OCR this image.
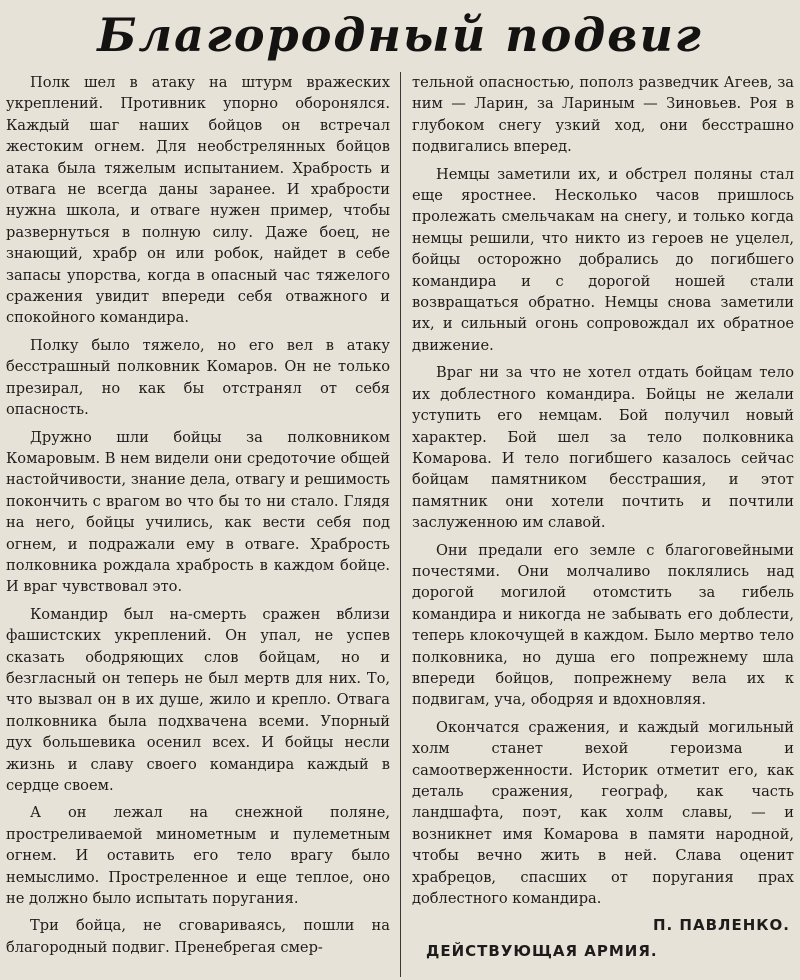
Благородный подвиг

Полк шел в атаку на штурм вражеских укреплений. Противник упорно оборонялся. Каждый шаг наших бойцов он встречал жестоким огнем. Для необстрелянных бойцов атака была тяжелым испытанием. Храбрость и отвага не всегда даны заранее. И храбрости нужна школа, и отваге нужен пример, чтобы развернуться в полную силу. Даже боец, не знающий, храбр он или робок, найдет в себе запасы упорства, когда в опасный час тяжелого сражения увидит впереди себя отважного и спокойного командира.

Полку было тяжело, но его вел в атаку бесстрашный полковник Комаров. Он не только презирал, но как бы отстранял от себя опасность.

Дружно шли бойцы за полковником Комаровым. В нем видели они средоточие общей настойчивости, знание дела, отвагу и решимость покончить с врагом во что бы то ни стало. Глядя на него, бойцы учились, как вести себя под огнем, и подражали ему в отваге. Храбрость полковника рождала храбрость в каждом бойце. И враг чувствовал это.

Командир был на-смерть сражен вблизи фашистских укреплений. Он упал, не успев сказать ободряющих слов бойцам, но и безгласный он теперь не был мертв для них. То, что вызвал он в их душе, жило и крепло. Отвага полковника была подхвачена всеми. Упорный дух большевика осенил всех. И бойцы несли жизнь и славу своего командира каждый в сердце своем.

А он лежал на снежной поляне, простреливаемой минометным и пулеметным огнем. И оставить его тело врагу было немыслимо. Простреленное и еще теплое, оно не должно было испытать поругания.

Три бойца, не сговариваясь, пошли на благородный подвиг. Пренебрегая смер-

тельной опасностью, пополз разведчик Агеев, за ним — Ларин, за Лариным — Зиновьев. Роя в глубоком снегу узкий ход, они бесстрашно подвигались вперед.

Немцы заметили их, и обстрел поляны стал еще яростнее. Несколько часов пришлось пролежать смельчакам на снегу, и только когда немцы решили, что никто из героев не уцелел, бойцы осторожно добрались до погибшего командира и с дорогой ношей стали возвращаться обратно. Немцы снова заметили их, и сильный огонь сопровождал их обратное движение.

Враг ни за что не хотел отдать бойцам тело их доблестного командира. Бойцы не желали уступить его немцам. Бой получил новый характер. Бой шел за тело полковника Комарова. И тело погибшего казалось сейчас бойцам памятником бесстрашия, и этот памятник они хотели почтить и почтили заслуженною им славой.

Они предали его земле с благоговейными почестями. Они молчаливо поклялись над дорогой могилой отомстить за гибель командира и никогда не забывать его доблести, теперь клокочущей в каждом. Было мертво тело полковника, но душа его попрежнему шла впереди бойцов, попрежнему вела их к подвигам, уча, ободряя и вдохновляя.

Окончатся сражения, и каждый могильный холм станет вехой героизма и самоотверженности. Историк отметит его, как деталь сражения, географ, как часть ландшафта, поэт, как холм славы, — и возникнет имя Комарова в памяти народной, чтобы вечно жить в ней. Слава оценит храбрецов, спасших от поругания прах доблестного командира.

П. ПАВЛЕНКО.
ДЕЙСТВУЮЩАЯ АРМИЯ.
